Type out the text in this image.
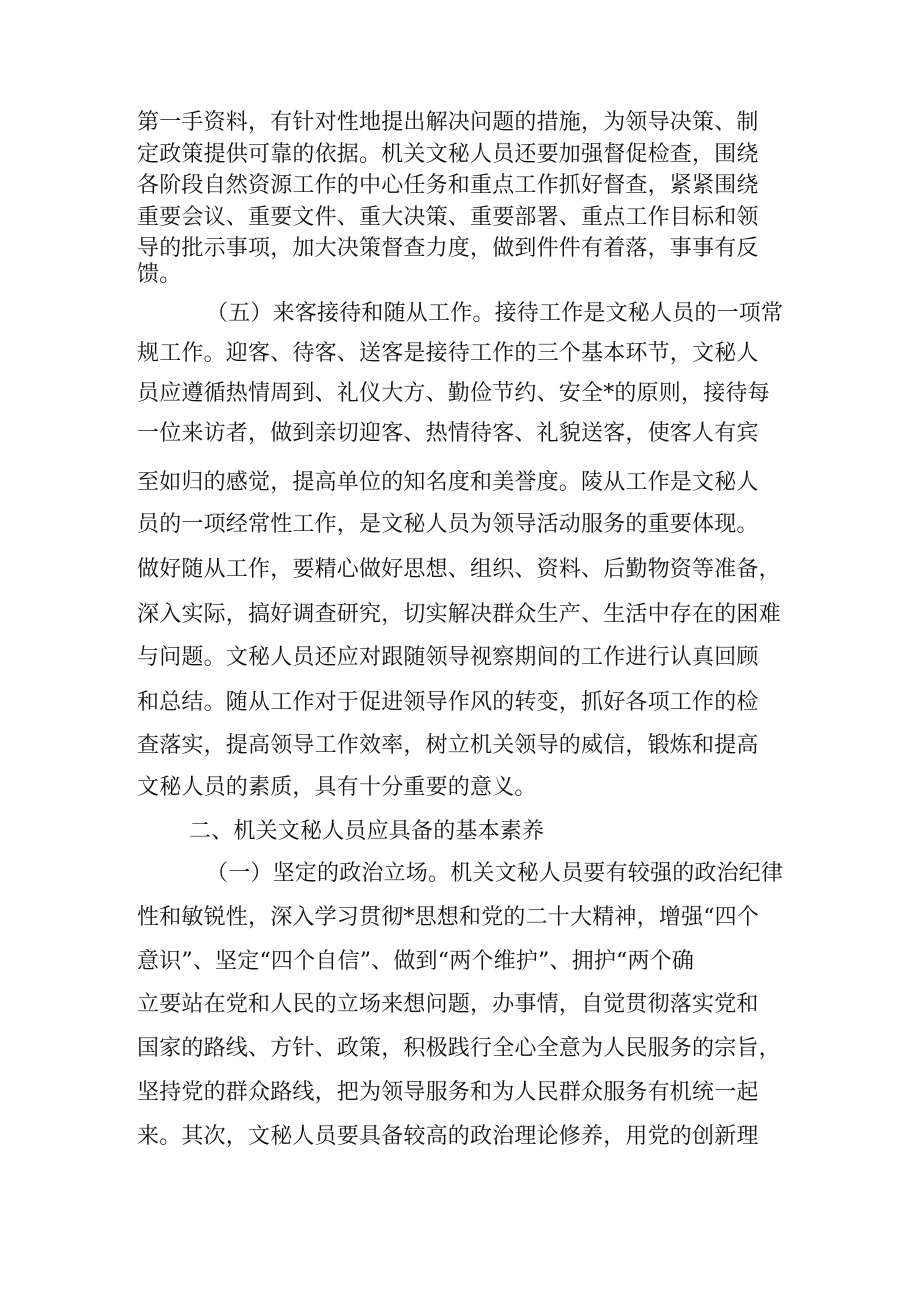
第一手资料，有针对性地提出解决问题的措施，为领导决策、制

定政策提供可靠的依据。机关文秘人员还要加强督促检查，围绕

各阶段自然资源工作的中心任务和重点工作抓好督查，紧紧围绕

重要会议、重要文件、重大决策、重要部署、重点工作目标和领

导的批示事项，加大决策督查力度，做到件件有着落，事事有反

馈。

（五）来客接待和随从工作。接待工作是文秘人员的一项常

规工作。迎客、待客、送客是接待工作的三个基本环节，文秘人

员应遵循热情周到、礼仪大方、勤俭节约、安全*的原则，接待每

一位来访者，做到亲切迎客、热情待客、礼貌送客，使客人有宾

至如归的感觉，提高单位的知名度和美誉度。陵从工作是文秘人

员的一项经常性工作，是文秘人员为领导活动服务的重要体现。

做好随从工作，要精心做好思想、组织、资料、后勤物资等准备，

深入实际，搞好调查研究，切实解决群众生产、生活中存在的困难

与问题。文秘人员还应对跟随领导视察期间的工作进行认真回顾

和总结。随从工作对于促进领导作风的转变，抓好各项工作的检

查落实，提高领导工作效率，树立机关领导的威信，锻炼和提高

文秘人员的素质，具有十分重要的意义。

二、机关文秘人员应具备的基本素养

（一）坚定的政治立场。机关文秘人员要有较强的政治纪律

性和敏锐性，深入学习贯彻*思想和党的二十大精神，增强“四个

意识”、坚定“四个自信”、做到“两个维护”、拥护“两个确

立要站在党和人民的立场来想问题，办事情，自觉贯彻落实党和

国家的路线、方针、政策，积极践行全心全意为人民服务的宗旨，

坚持党的群众路线，把为领导服务和为人民群众服务有机统一起

来。其次，文秘人员要具备较高的政治理论修养，用党的创新理
